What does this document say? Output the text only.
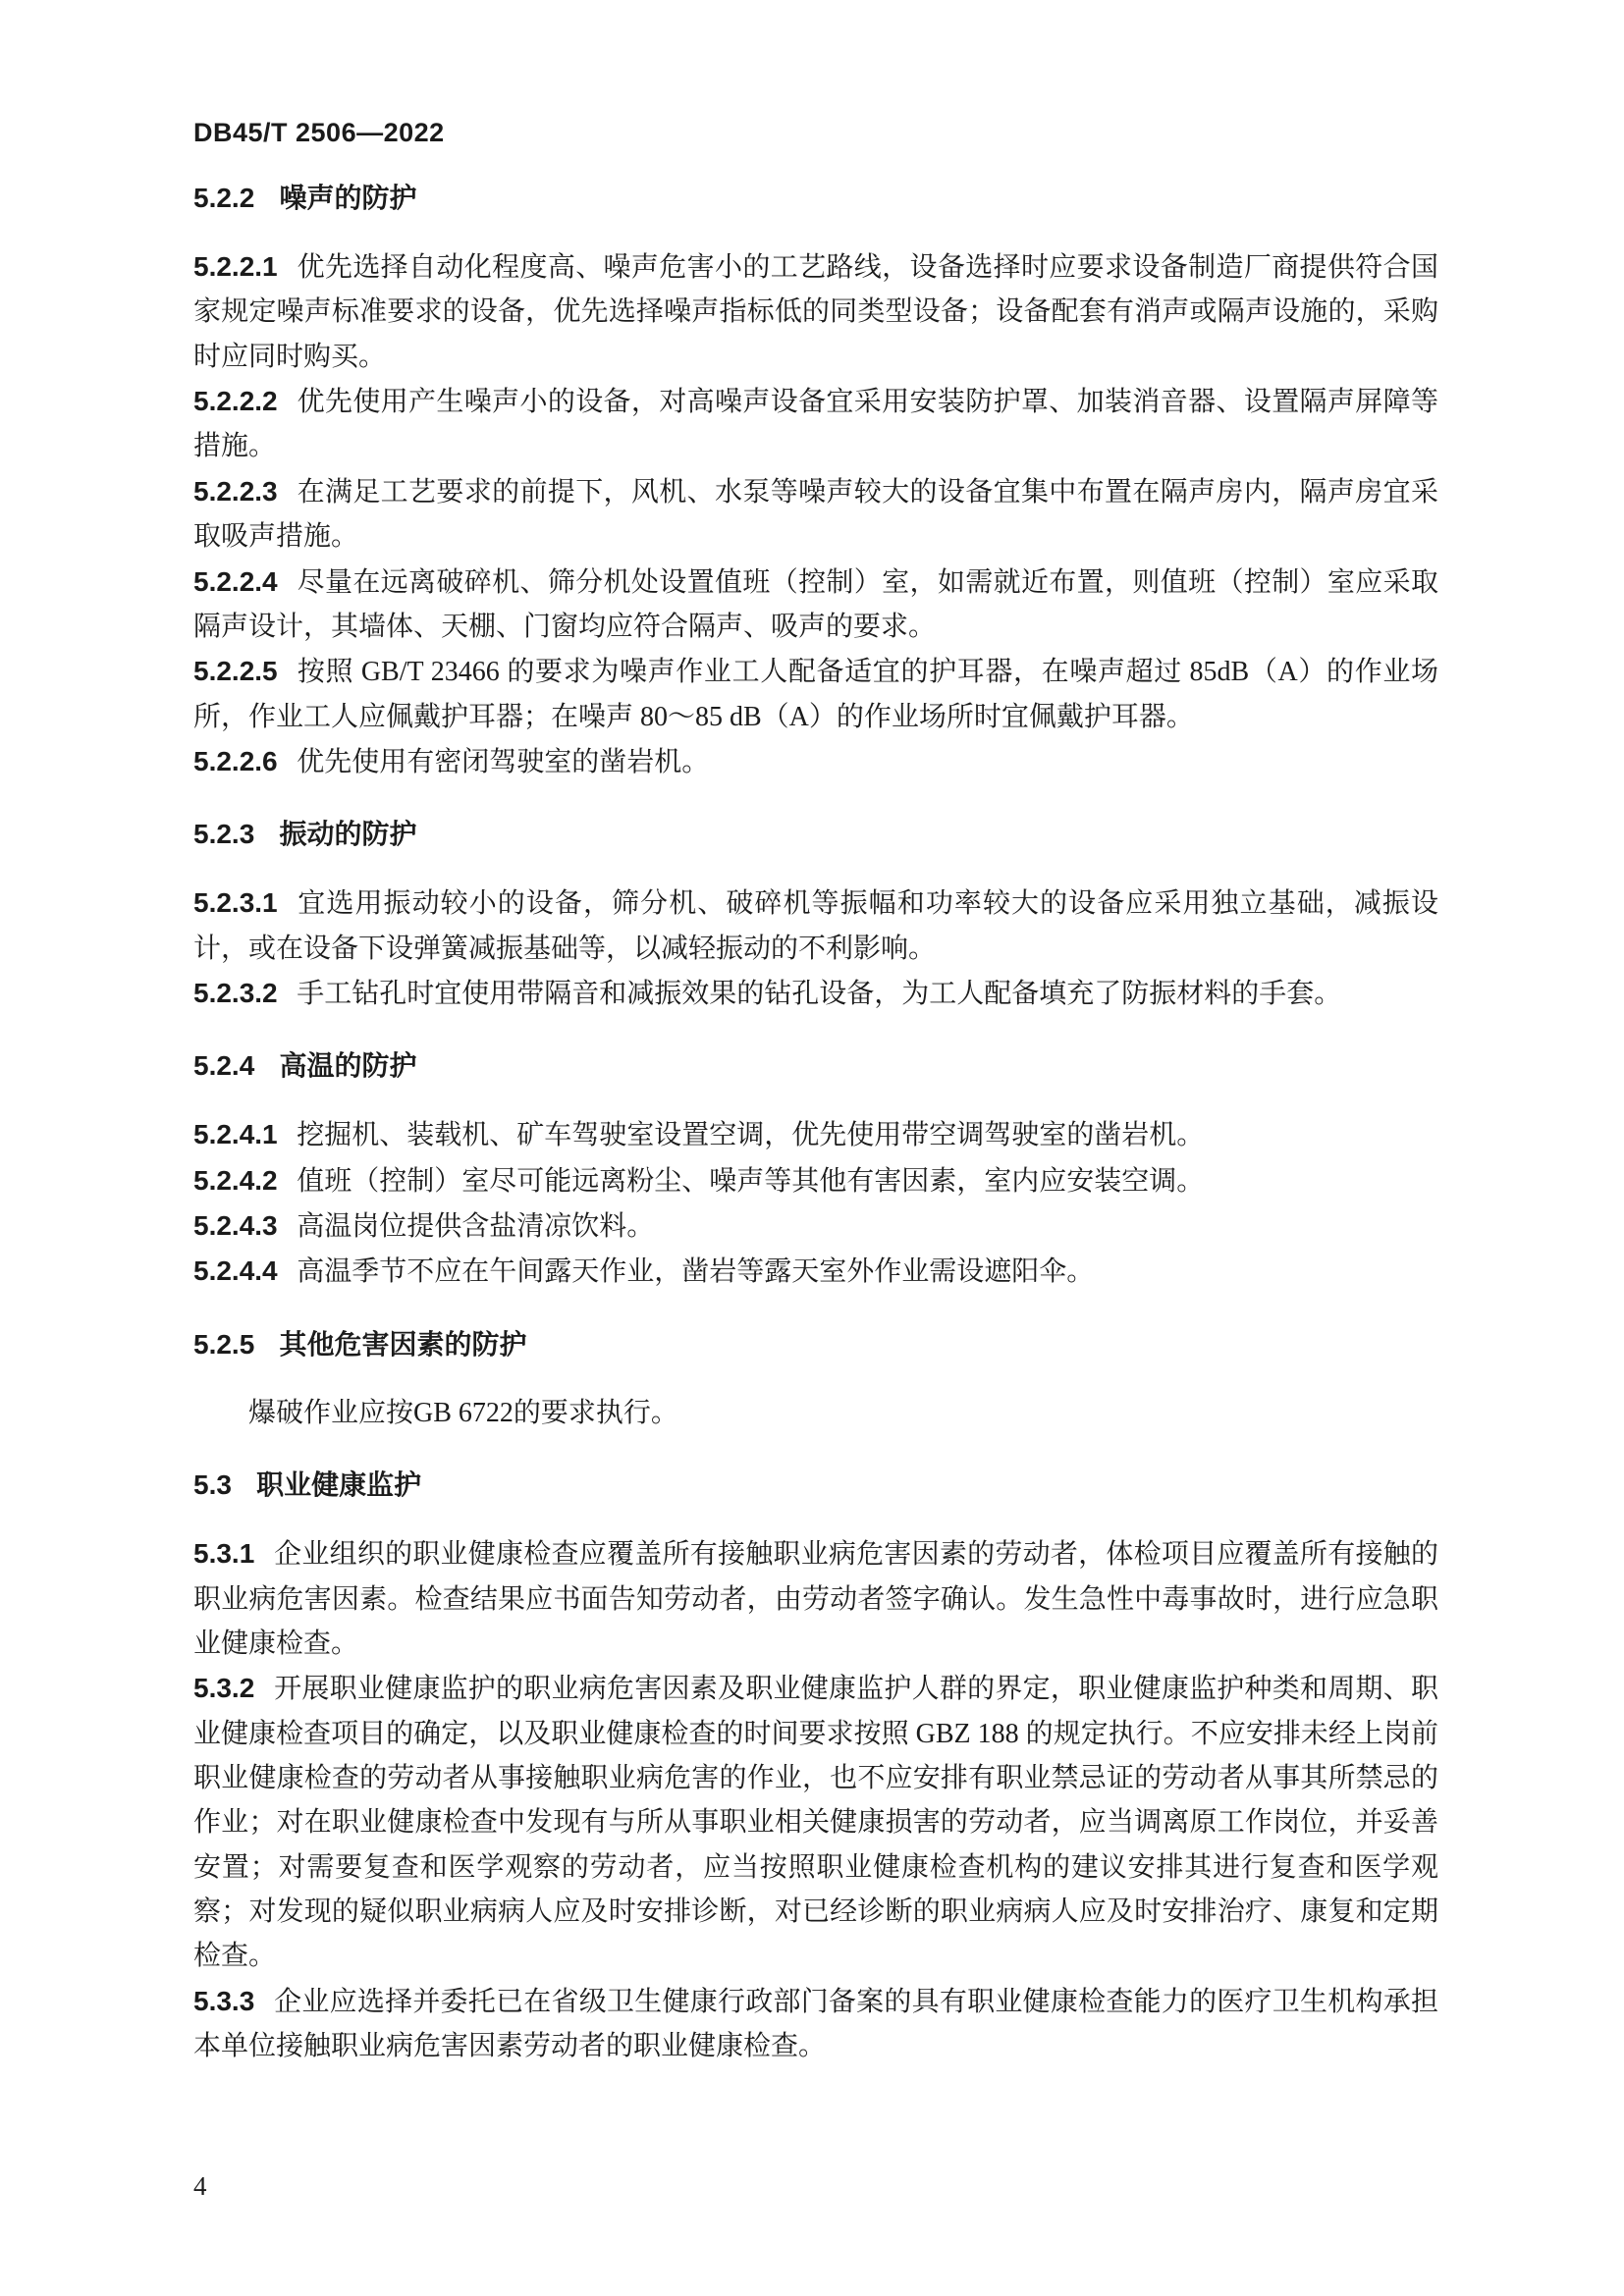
DB45/T 2506—2022
5.2.2 噪声的防护
5.2.2.1 优先选择自动化程度高、噪声危害小的工艺路线，设备选择时应要求设备制造厂商提供符合国家规定噪声标准要求的设备，优先选择噪声指标低的同类型设备；设备配套有消声或隔声设施的，采购时应同时购买。
5.2.2.2 优先使用产生噪声小的设备，对高噪声设备宜采用安装防护罩、加装消音器、设置隔声屏障等措施。
5.2.2.3 在满足工艺要求的前提下，风机、水泵等噪声较大的设备宜集中布置在隔声房内，隔声房宜采取吸声措施。
5.2.2.4 尽量在远离破碎机、筛分机处设置值班（控制）室，如需就近布置，则值班（控制）室应采取隔声设计，其墙体、天棚、门窗均应符合隔声、吸声的要求。
5.2.2.5 按照 GB/T 23466 的要求为噪声作业工人配备适宜的护耳器，在噪声超过 85dB（A）的作业场所，作业工人应佩戴护耳器；在噪声 80～85 dB（A）的作业场所时宜佩戴护耳器。
5.2.2.6 优先使用有密闭驾驶室的凿岩机。
5.2.3 振动的防护
5.2.3.1 宜选用振动较小的设备，筛分机、破碎机等振幅和功率较大的设备应采用独立基础，减振设计，或在设备下设弹簧减振基础等，以减轻振动的不利影响。
5.2.3.2 手工钻孔时宜使用带隔音和减振效果的钻孔设备，为工人配备填充了防振材料的手套。
5.2.4 高温的防护
5.2.4.1 挖掘机、装载机、矿车驾驶室设置空调，优先使用带空调驾驶室的凿岩机。
5.2.4.2 值班（控制）室尽可能远离粉尘、噪声等其他有害因素，室内应安装空调。
5.2.4.3 高温岗位提供含盐清凉饮料。
5.2.4.4 高温季节不应在午间露天作业，凿岩等露天室外作业需设遮阳伞。
5.2.5 其他危害因素的防护
爆破作业应按GB 6722的要求执行。
5.3 职业健康监护
5.3.1 企业组织的职业健康检查应覆盖所有接触职业病危害因素的劳动者，体检项目应覆盖所有接触的职业病危害因素。检查结果应书面告知劳动者，由劳动者签字确认。发生急性中毒事故时，进行应急职业健康检查。
5.3.2 开展职业健康监护的职业病危害因素及职业健康监护人群的界定，职业健康监护种类和周期、职业健康检查项目的确定，以及职业健康检查的时间要求按照 GBZ 188 的规定执行。不应安排未经上岗前职业健康检查的劳动者从事接触职业病危害的作业，也不应安排有职业禁忌证的劳动者从事其所禁忌的作业；对在职业健康检查中发现有与所从事职业相关健康损害的劳动者，应当调离原工作岗位，并妥善安置；对需要复查和医学观察的劳动者，应当按照职业健康检查机构的建议安排其进行复查和医学观察；对发现的疑似职业病病人应及时安排诊断，对已经诊断的职业病病人应及时安排治疗、康复和定期检查。
5.3.3 企业应选择并委托已在省级卫生健康行政部门备案的具有职业健康检查能力的医疗卫生机构承担本单位接触职业病危害因素劳动者的职业健康检查。
4
